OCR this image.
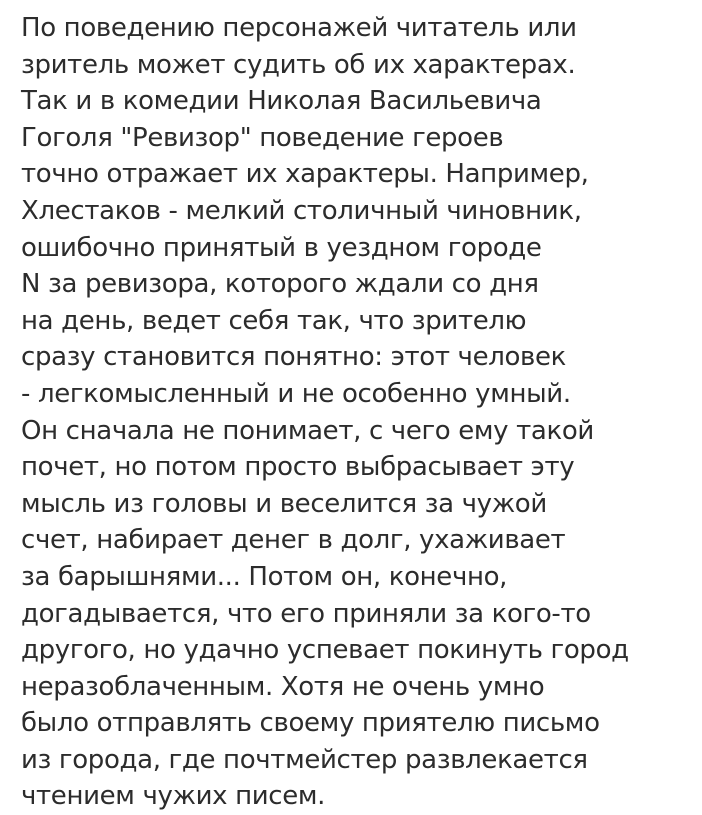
По поведению персонажей читатель или
зритель может судить об их характерах.
Так и в комедии Николая Васильевича
Гоголя "Ревизор" поведение героев
точно отражает их характеры. Например,
Хлестаков - мелкий столичный чиновник,
ошибочно принятый в уездном городе
N за ревизора, которого ждали со дня
на день, ведет себя так, что зрителю
сразу становится понятно: этот человек
- легкомысленный и не особенно умный.
Он сначала не понимает, с чего ему такой
почет, но потом просто выбрасывает эту
мысль из головы и веселится за чужой
счет, набирает денег в долг, ухаживает
за барышнями... Потом он, конечно,
догадывается, что его приняли за кого-то
другого, но удачно успевает покинуть город
неразоблаченным. Хотя не очень умно
было отправлять своему приятелю письмо
из города, где почтмейстер развлекается
чтением чужих писем.
